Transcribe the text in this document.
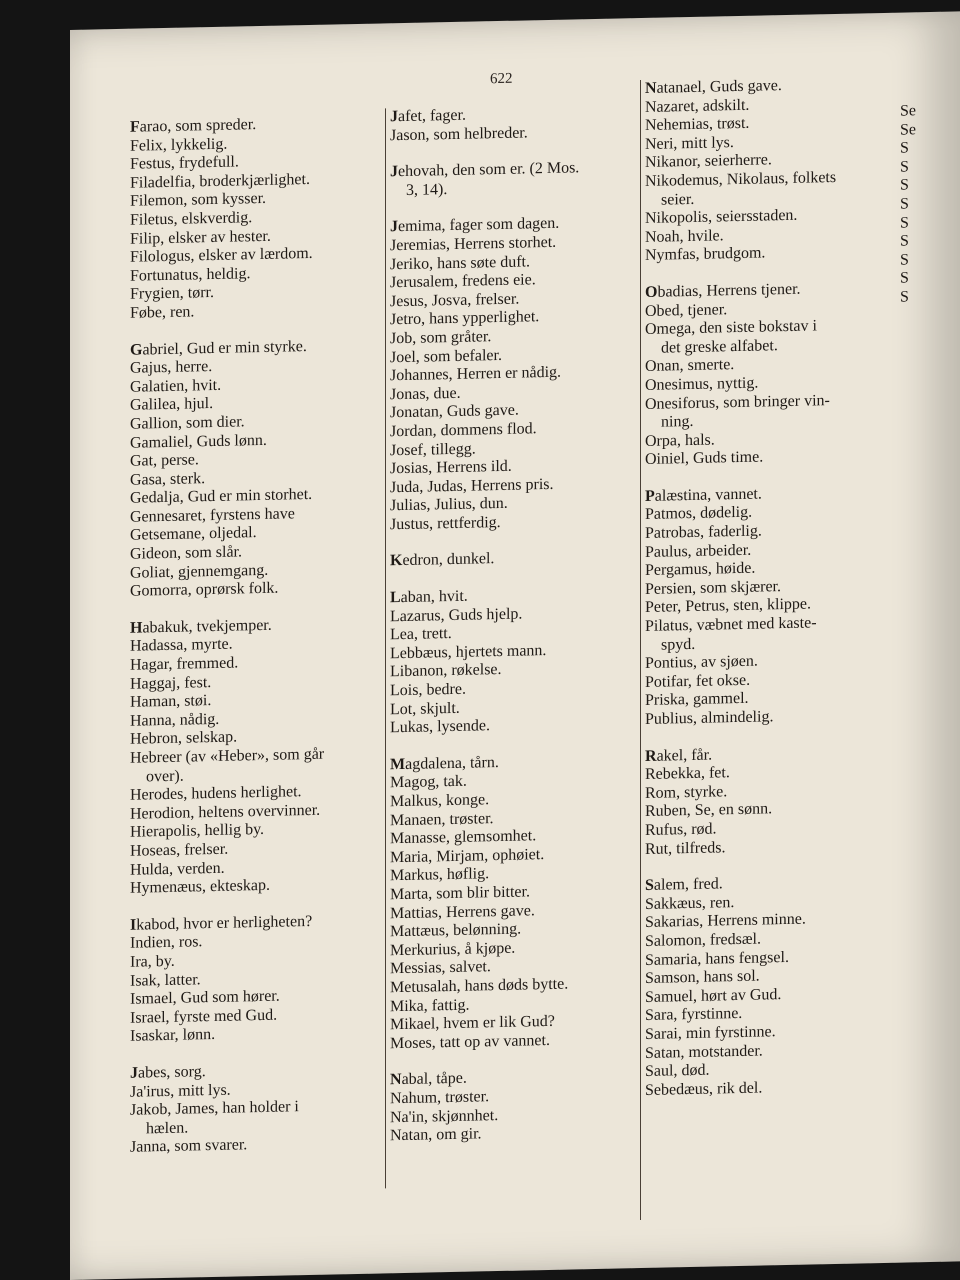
622
Farao, som spreder.
Felix, lykkelig.
Festus, frydefull.
Filadelfia, broderkjærlighet.
Filemon, som kysser.
Filetus, elskverdig.
Filip, elsker av hester.
Filologus, elsker av lærdom.
Fortunatus, heldig.
Frygien, tørr.
Føbe, ren.
Gabriel, Gud er min styrke.
Gajus, herre.
Galatien, hvit.
Galilea, hjul.
Gallion, som dier.
Gamaliel, Guds lønn.
Gat, perse.
Gasa, sterk.
Gedalja, Gud er min storhet.
Gennesaret, fyrstens have
Getsemane, oljedal.
Gideon, som slår.
Goliat, gjennemgang.
Gomorra, oprørsk folk.
Habakuk, tvekjemper.
Hadassa, myrte.
Hagar, fremmed.
Haggaj, fest.
Haman, støi.
Hanna, nådig.
Hebron, selskap.
Hebreer (av «Heber», som går
over).
Herodes, hudens herlighet.
Herodion, heltens overvinner.
Hierapolis, hellig by.
Hoseas, frelser.
Hulda, verden.
Hymenæus, ekteskap.
Ikabod, hvor er herligheten?
Indien, ros.
Ira, by.
Isak, latter.
Ismael, Gud som hører.
Israel, fyrste med Gud.
Isaskar, lønn.
Jabes, sorg.
Ja'irus, mitt lys.
Jakob, James, han holder i
hælen.
Janna, som svarer.
Jafet, fager.
Jason, som helbreder.
Jehovah, den som er. (2 Mos.
3, 14).
Jemima, fager som dagen.
Jeremias, Herrens storhet.
Jeriko, hans søte duft.
Jerusalem, fredens eie.
Jesus, Josva, frelser.
Jetro, hans ypperlighet.
Job, som gråter.
Joel, som befaler.
Johannes, Herren er nådig.
Jonas, due.
Jonatan, Guds gave.
Jordan, dommens flod.
Josef, tillegg.
Josias, Herrens ild.
Juda, Judas, Herrens pris.
Julias, Julius, dun.
Justus, rettferdig.
Kedron, dunkel.
Laban, hvit.
Lazarus, Guds hjelp.
Lea, trett.
Lebbæus, hjertets mann.
Libanon, røkelse.
Lois, bedre.
Lot, skjult.
Lukas, lysende.
Magdalena, tårn.
Magog, tak.
Malkus, konge.
Manaen, trøster.
Manasse, glemsomhet.
Maria, Mirjam, ophøiet.
Markus, høflig.
Marta, som blir bitter.
Mattias, Herrens gave.
Mattæus, belønning.
Merkurius, å kjøpe.
Messias, salvet.
Metusalah, hans døds bytte.
Mika, fattig.
Mikael, hvem er lik Gud?
Moses, tatt op av vannet.
Nabal, tåpe.
Nahum, trøster.
Na'in, skjønnhet.
Natan, om gir.
Natanael, Guds gave.
Nazaret, adskilt.
Nehemias, trøst.
Neri, mitt lys.
Nikanor, seierherre.
Nikodemus, Nikolaus, folkets
seier.
Nikopolis, seiersstaden.
Noah, hvile.
Nymfas, brudgom.
Obadias, Herrens tjener.
Obed, tjener.
Omega, den siste bokstav i
det greske alfabet.
Onan, smerte.
Onesimus, nyttig.
Onesiforus, som bringer vin-
ning.
Orpa, hals.
Oiniel, Guds time.
Palæstina, vannet.
Patmos, dødelig.
Patrobas, faderlig.
Paulus, arbeider.
Pergamus, høide.
Persien, som skjærer.
Peter, Petrus, sten, klippe.
Pilatus, væbnet med kaste-
spyd.
Pontius, av sjøen.
Potifar, fet okse.
Priska, gammel.
Publius, almindelig.
Rakel, får.
Rebekka, fet.
Rom, styrke.
Ruben, Se, en sønn.
Rufus, rød.
Rut, tilfreds.
Salem, fred.
Sakkæus, ren.
Sakarias, Herrens minne.
Salomon, fredsæl.
Samaria, hans fengsel.
Samson, hans sol.
Samuel, hørt av Gud.
Sara, fyrstinne.
Sarai, min fyrstinne.
Satan, motstander.
Saul, død.
Sebedæus, rik del.
Se
Se
S
S
S
S
S
S
S
S
S
